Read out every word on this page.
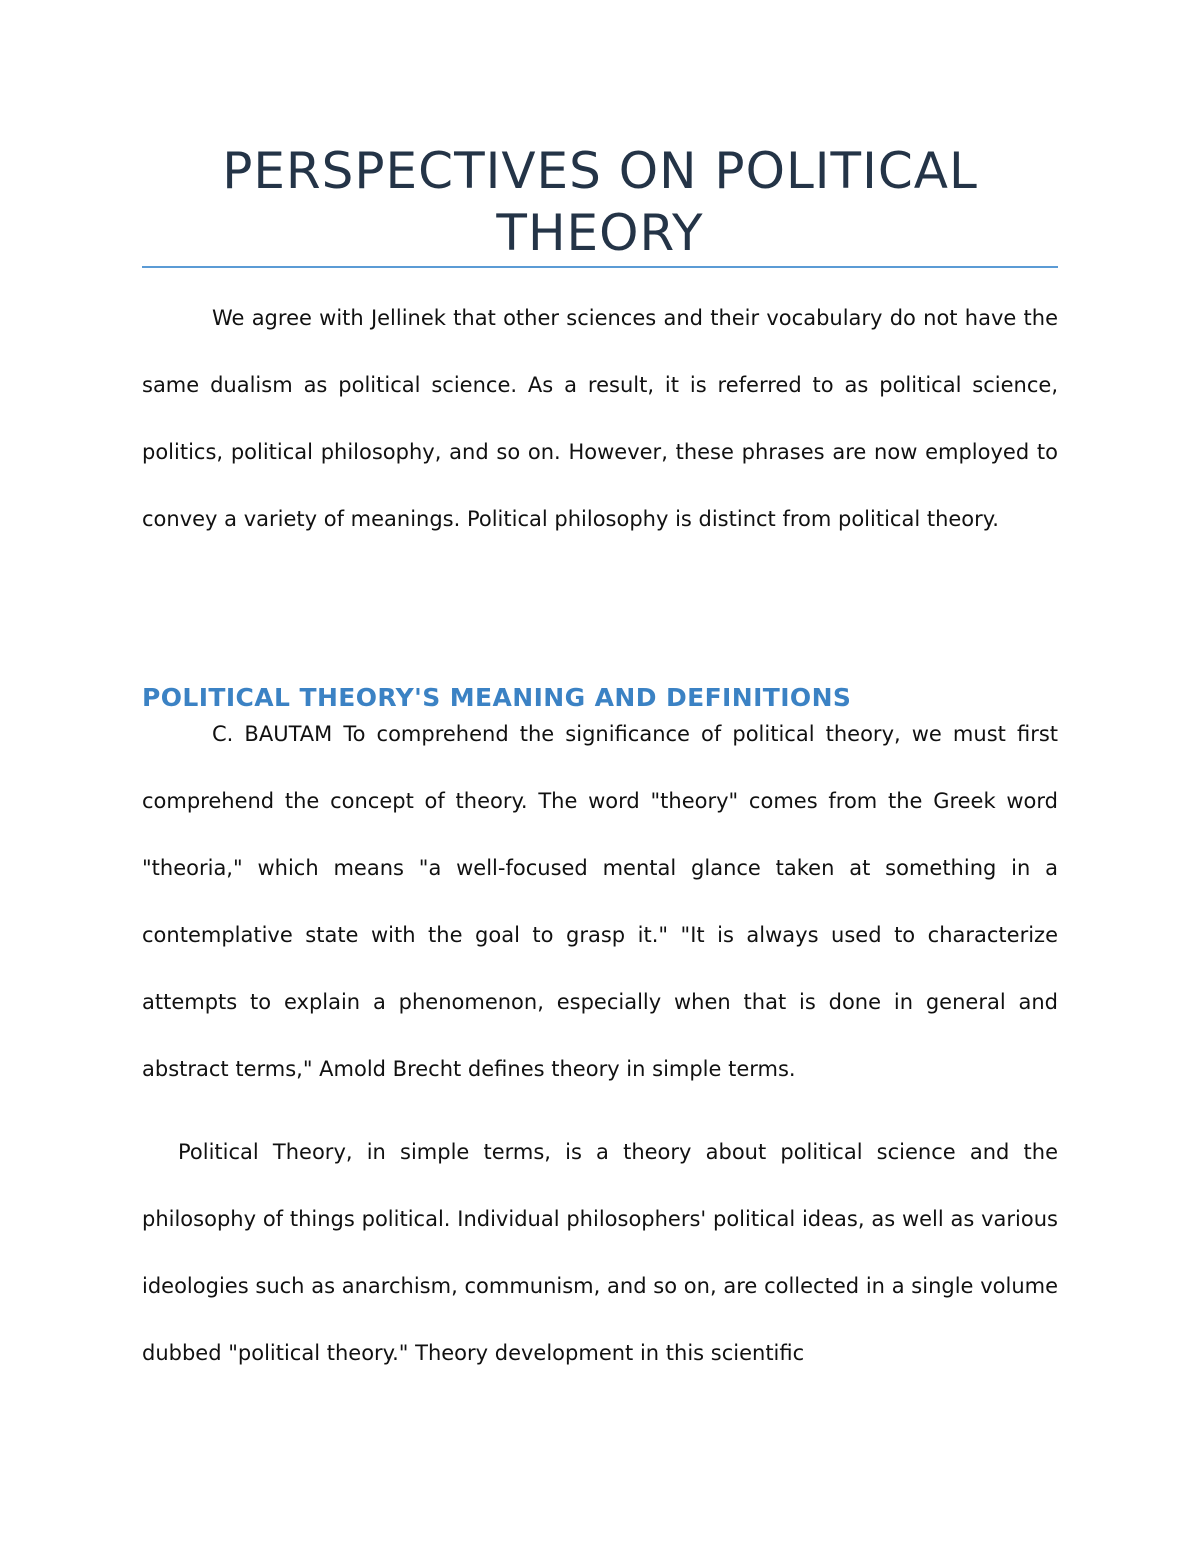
PERSPECTIVES ON POLITICAL THEORY

We agree with Jellinek that other sciences and their vocabulary do not have the same dualism as political science. As a result, it is referred to as political science, politics, political philosophy, and so on. However, these phrases are now employed to convey a variety of meanings. Political philosophy is distinct from political theory.

POLITICAL THEORY'S MEANING AND DEFINITIONS

C. BAUTAM To comprehend the significance of political theory, we must first comprehend the concept of theory. The word "theory" comes from the Greek word "theoria," which means "a well-focused mental glance taken at something in a contemplative state with the goal to grasp it." "It is always used to characterize attempts to explain a phenomenon, especially when that is done in general and abstract terms," Amold Brecht defines theory in simple terms.

Political Theory, in simple terms, is a theory about political science and the philosophy of things political. Individual philosophers' political ideas, as well as various ideologies such as anarchism, communism, and so on, are collected in a single volume dubbed "political theory." Theory development in this scientific
